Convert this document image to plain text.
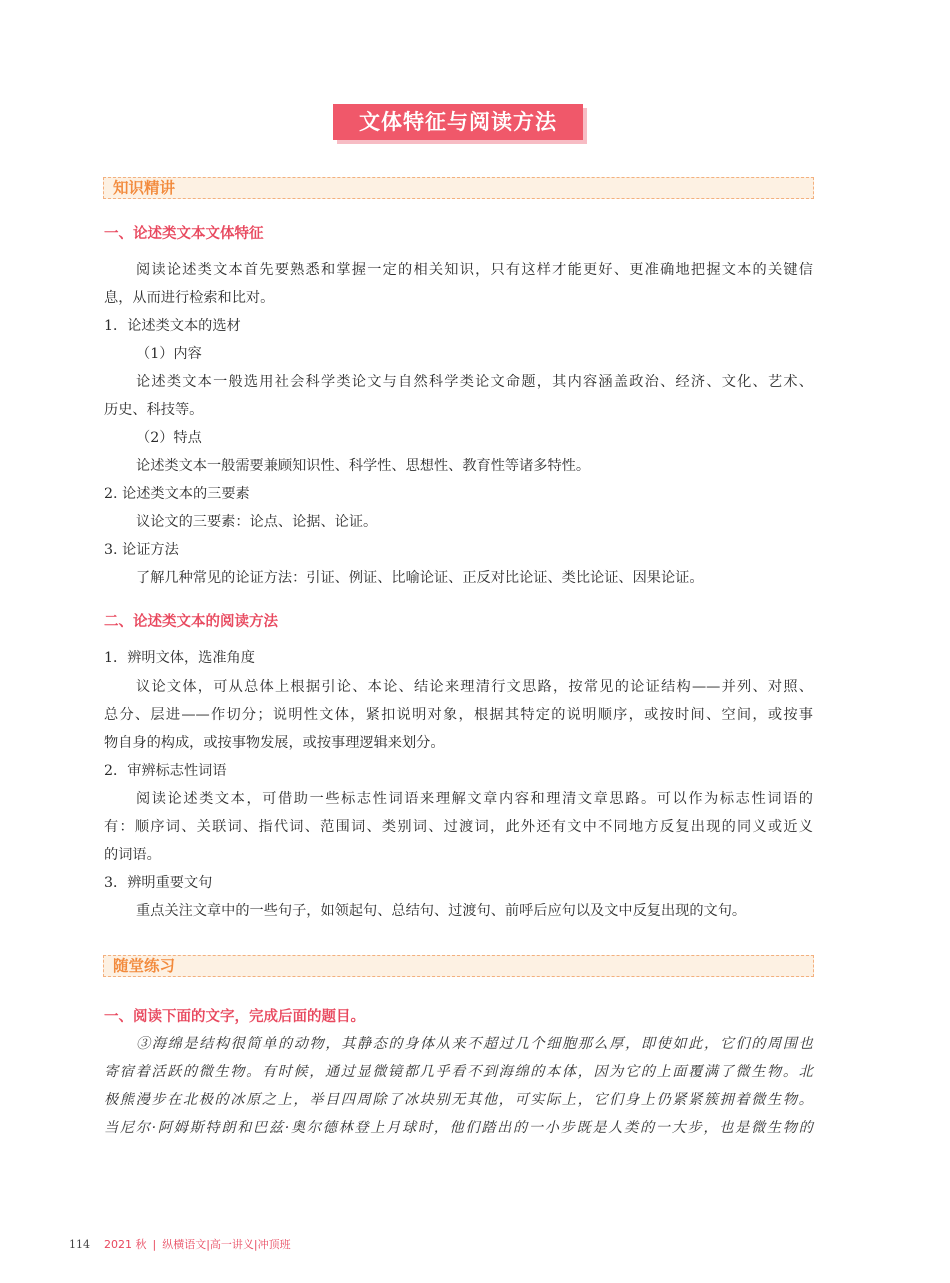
文体特征与阅读方法
知识精讲
一、论述类文本文体特征
阅读论述类文本首先要熟悉和掌握一定的相关知识，只有这样才能更好、更准确地把握文本的关键信
息，从而进行检索和比对。
1．论述类文本的选材
（1）内容
论述类文本一般选用社会科学类论文与自然科学类论文命题，其内容涵盖政治、经济、文化、艺术、
历史、科技等。
（2）特点
论述类文本一般需要兼顾知识性、科学性、思想性、教育性等诸多特性。
2. 论述类文本的三要素
议论文的三要素：论点、论据、论证。
3. 论证方法
了解几种常见的论证方法：引证、例证、比喻论证、正反对比论证、类比论证、因果论证。
二、论述类文本的阅读方法
1．辨明文体，选准角度
议论文体，可从总体上根据引论、本论、结论来理清行文思路，按常见的论证结构——并列、对照、
总分、层进——作切分；说明性文体，紧扣说明对象，根据其特定的说明顺序，或按时间、空间，或按事
物自身的构成，或按事物发展，或按事理逻辑来划分。
2．审辨标志性词语
阅读论述类文本，可借助一些标志性词语来理解文章内容和理清文章思路。可以作为标志性词语的
有：顺序词、关联词、指代词、范围词、类别词、过渡词，此外还有文中不同地方反复出现的同义或近义
的词语。
3．辨明重要文句
重点关注文章中的一些句子，如领起句、总结句、过渡句、前呼后应句以及文中反复出现的文句。
随堂练习
一、阅读下面的文字，完成后面的题目。
③海绵是结构很简单的动物，其静态的身体从来不超过几个细胞那么厚，即使如此，它们的周围也
寄宿着活跃的微生物。有时候，通过显微镜都几乎看不到海绵的本体，因为它的上面覆满了微生物。北
极熊漫步在北极的冰原之上，举目四周除了冰块别无其他，可实际上，它们身上仍紧紧簇拥着微生物。
当尼尔·阿姆斯特朗和巴兹·奥尔德林登上月球时，他们踏出的一小步既是人类的一大步，也是微生物的
114 2021 秋 | 纵横语文|高一讲义|冲顶班
